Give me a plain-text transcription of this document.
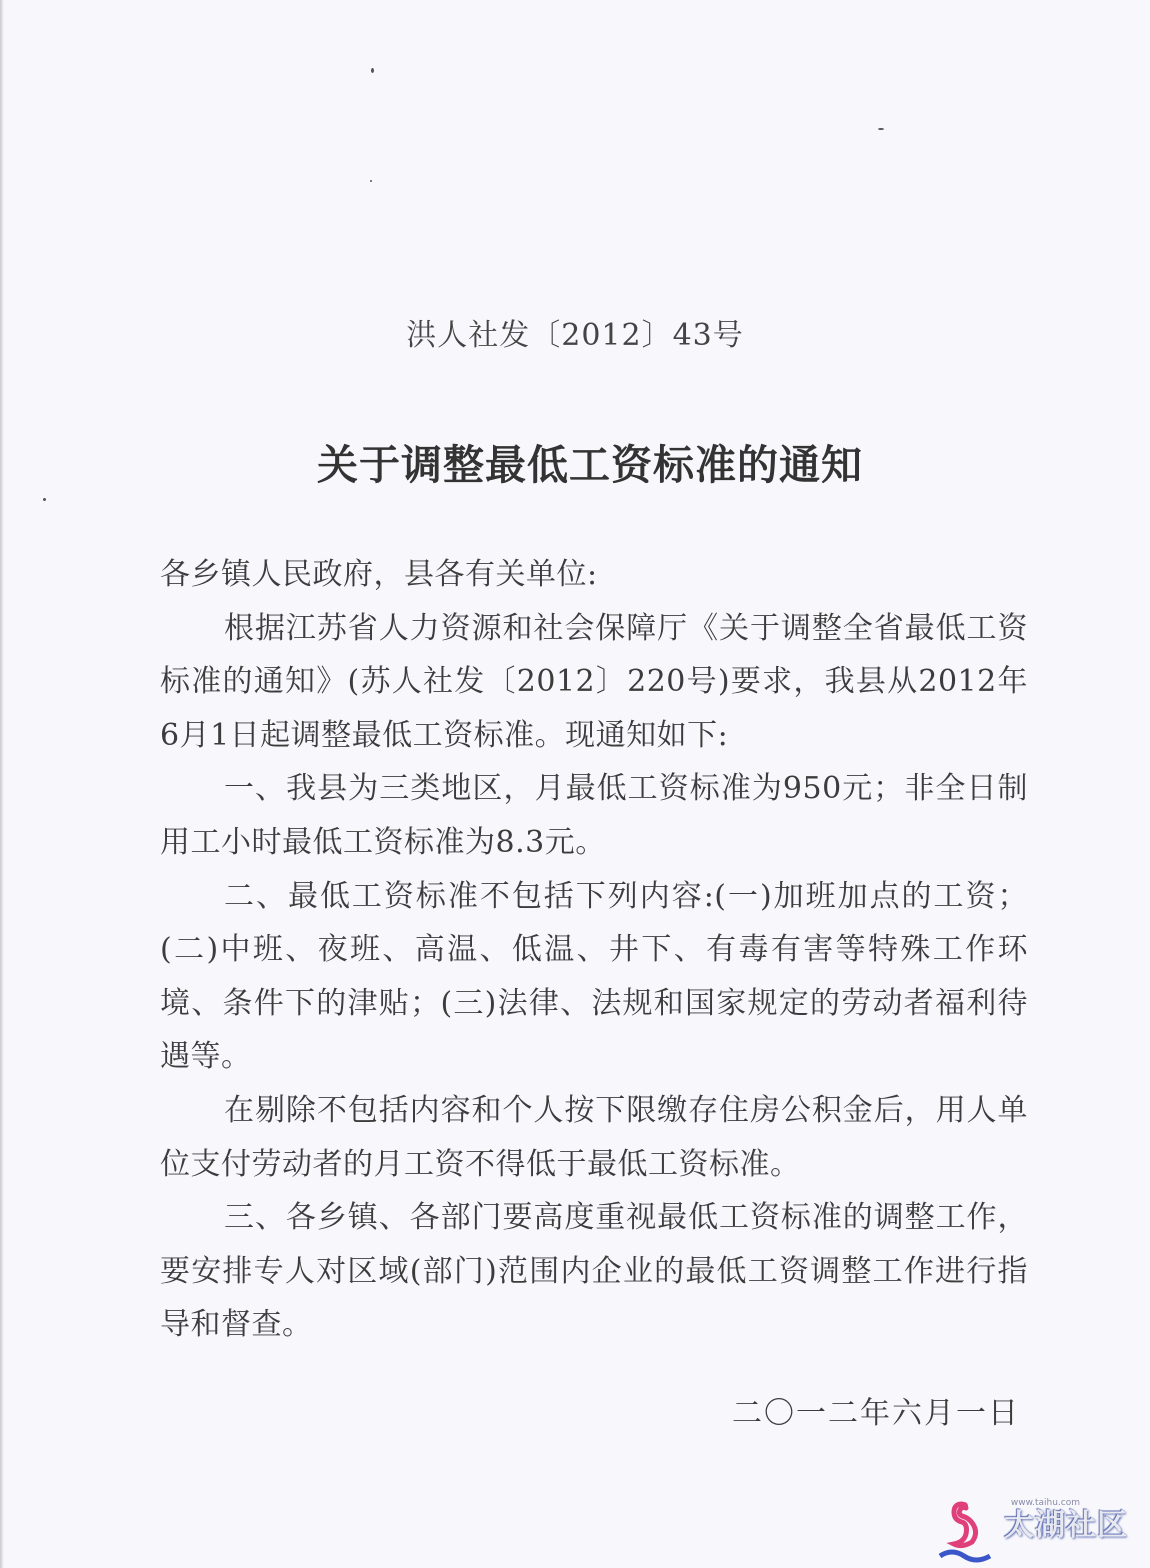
洪人社发〔2012〕43号
关于调整最低工资标准的通知

各乡镇人民政府，县各有关单位:

根据江苏省人力资源和社会保障厅《关于调整全省最低工资标准的通知》(苏人社发〔2012〕220号)要求，我县从2012年6月1日起调整最低工资标准。现通知如下:

一、我县为三类地区，月最低工资标准为950元；非全日制用工小时最低工资标准为8.3元。

二、最低工资标准不包括下列内容:(一)加班加点的工资；(二)中班、夜班、高温、低温、井下、有毒有害等特殊工作环境、条件下的津贴；(三)法律、法规和国家规定的劳动者福利待遇等。

在剔除不包括内容和个人按下限缴存住房公积金后，用人单位支付劳动者的月工资不得低于最低工资标准。

三、各乡镇、各部门要高度重视最低工资标准的调整工作，要安排专人对区域(部门)范围内企业的最低工资调整工作进行指导和督查。

二〇一二年六月一日
www.taihu.com
太湖社区
